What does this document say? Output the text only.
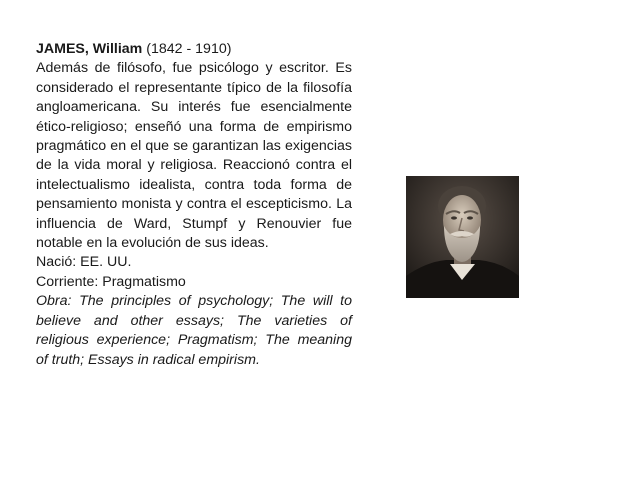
JAMES, William (1842 - 1910)

Además de filósofo, fue psicólogo y escritor. Es considerado el representante típico de la filosofía angloamericana. Su interés fue esencialmente ético-religioso; enseñó una forma de empirismo pragmático en el que se garantizan las exigencias de la vida moral y religiosa. Reaccionó contra el intelectualismo idealista, contra toda forma de pensamiento monista y contra el escepticismo. La influencia de Ward, Stumpf y Renouvier fue notable en la evolución de sus ideas.

Nació: EE. UU.

Corriente: Pragmatismo

Obra: The principles of psychology; The will to believe and other essays; The varieties of religious experience; Pragmatism; The meaning of truth; Essays in radical empirism.
